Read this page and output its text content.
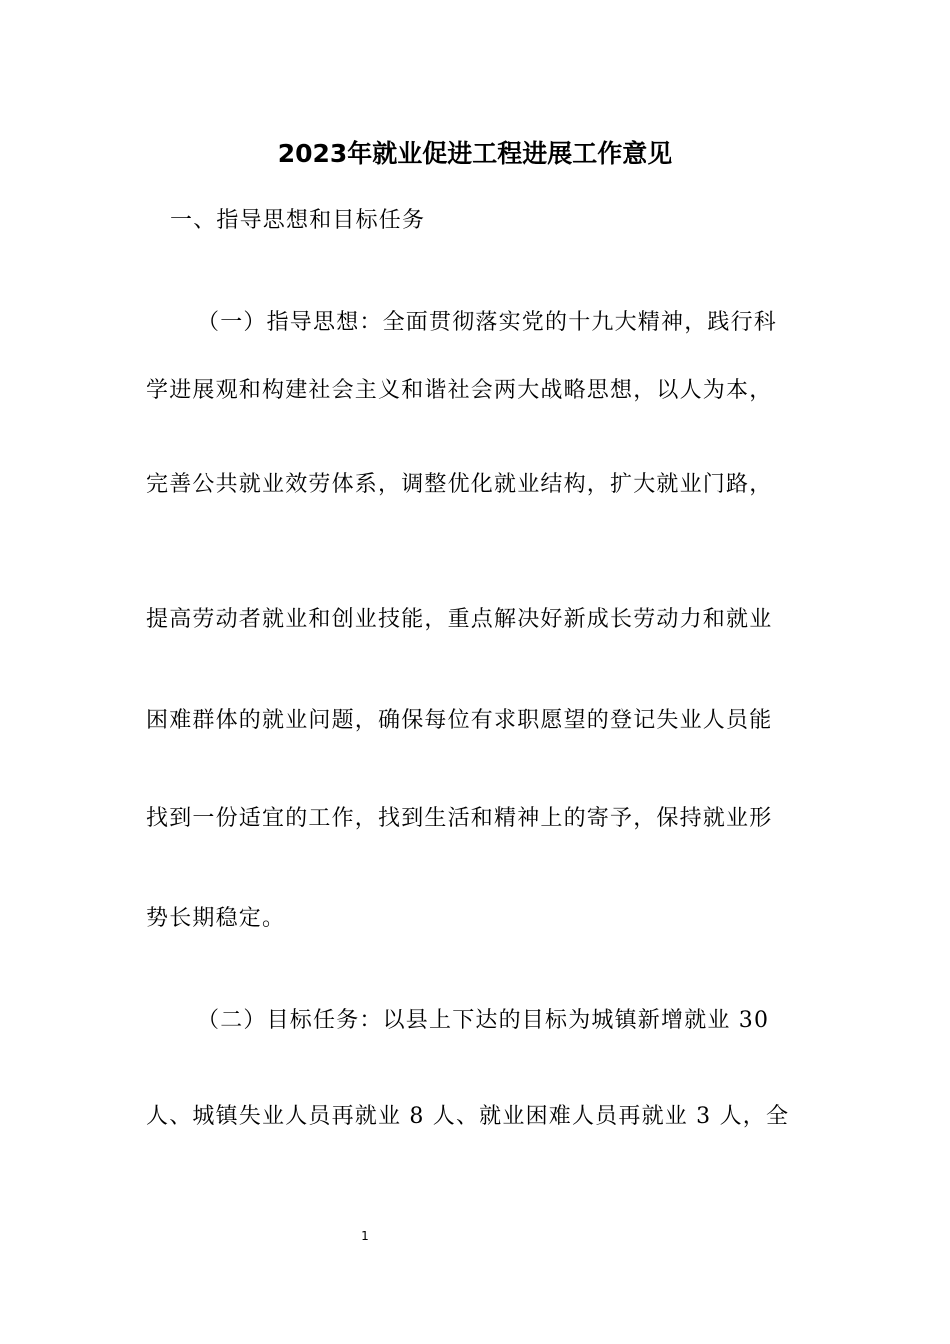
2023年就业促进工程进展工作意见

一、指导思想和目标任务

（一）指导思想：全面贯彻落实党的十九大精神，践行科

学进展观和构建社会主义和谐社会两大战略思想，以人为本，

完善公共就业效劳体系，调整优化就业结构，扩大就业门路，

提高劳动者就业和创业技能，重点解决好新成长劳动力和就业

困难群体的就业问题，确保每位有求职愿望的登记失业人员能

找到一份适宜的工作，找到生活和精神上的寄予，保持就业形

势长期稳定。

（二）目标任务：以县上下达的目标为城镇新增就业 30

人、城镇失业人员再就业 8 人、就业困难人员再就业 3 人，全

1
